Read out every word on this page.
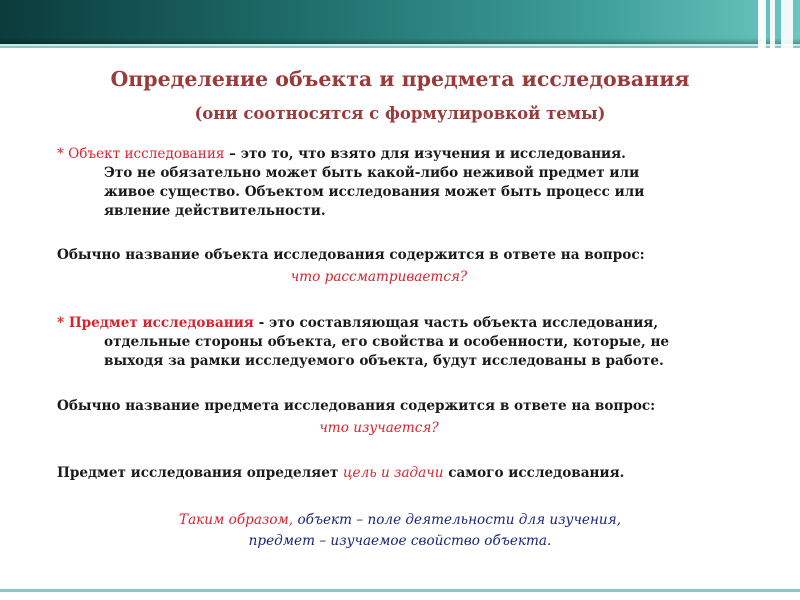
Определение объекта и предмета исследования
(они соотносятся с формулировкой темы)
* Объект исследования – это то, что взято для изучения и исследования.
Это не обязательно может быть какой-либо неживой предмет или
живое существо. Объектом исследования может быть процесс или
явление действительности.
Обычно название объекта исследования содержится в ответе на вопрос:
что рассматривается?
* Предмет исследования - это составляющая часть объекта исследования,
отдельные стороны объекта, его свойства и особенности, которые, не
выходя за рамки исследуемого объекта, будут исследованы в работе.
Обычно название предмета исследования содержится в ответе на вопрос:
что изучается?
Предмет исследования определяет цель и задачи самого исследования.
Таким образом, объект – поле деятельности для изучения,
предмет – изучаемое свойство объекта.
